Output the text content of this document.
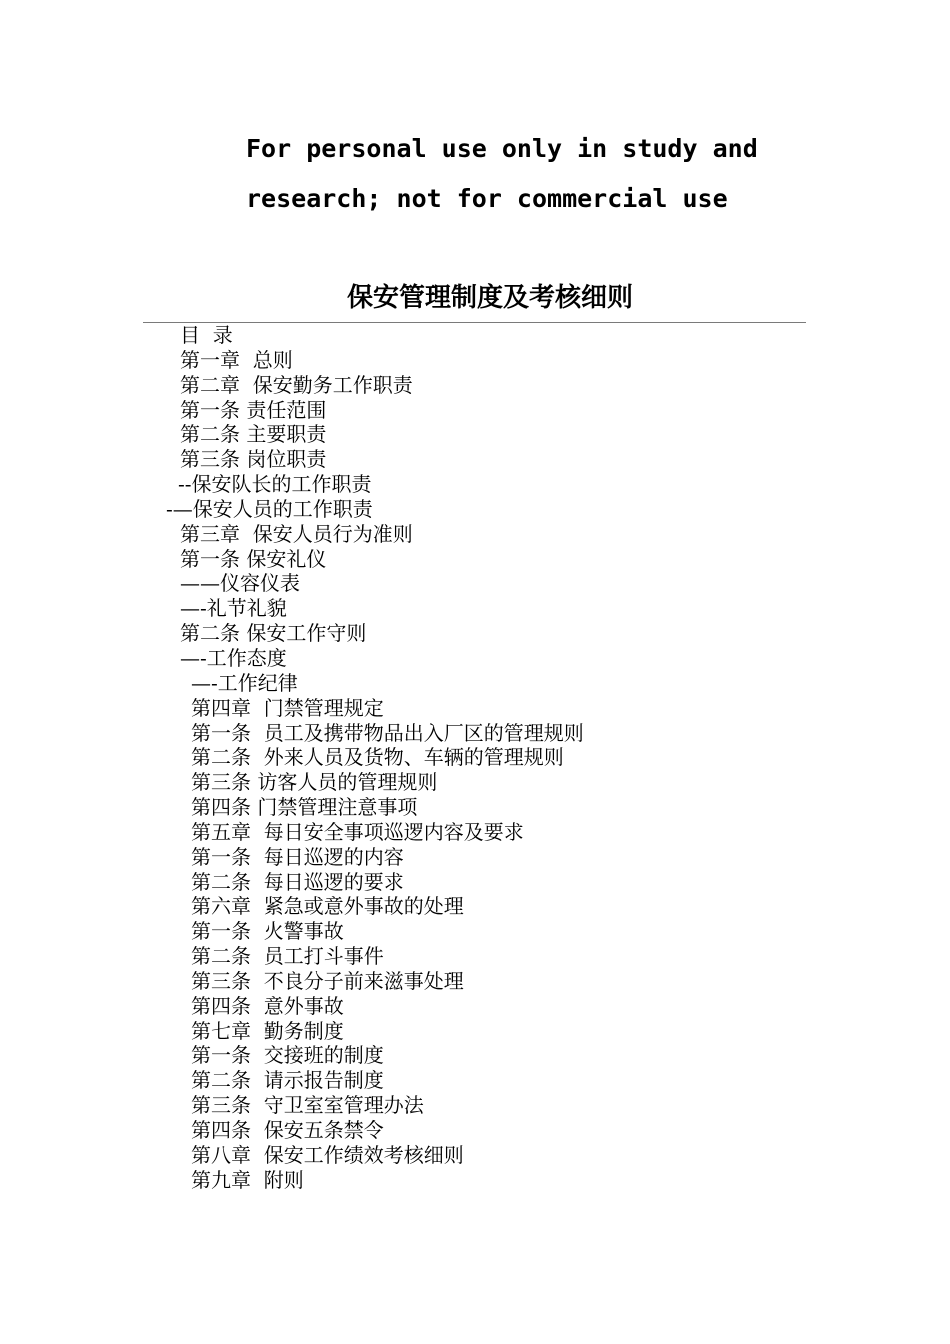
For personal use only in study and

research; not for commercial use

保安管理制度及考核细则
目  录
第一章  总则
第二章  保安勤务工作职责
第一条 责任范围
第二条 主要职责
第三条 岗位职责
--保安队长的工作职责
-—保安人员的工作职责
第三章  保安人员行为准则
第一条 保安礼仪
——仪容仪表
—-礼节礼貌
第二条 保安工作守则
—-工作态度
—-工作纪律
第四章  门禁管理规定
第一条  员工及携带物品出入厂区的管理规则
第二条  外来人员及货物、车辆的管理规则
第三条 访客人员的管理规则
第四条 门禁管理注意事项
第五章  每日安全事项巡逻内容及要求
第一条  每日巡逻的内容
第二条  每日巡逻的要求
第六章  紧急或意外事故的处理
第一条  火警事故
第二条  员工打斗事件
第三条  不良分子前来滋事处理
第四条  意外事故
第七章  勤务制度
第一条  交接班的制度
第二条  请示报告制度
第三条  守卫室室管理办法
第四条  保安五条禁令
第八章  保安工作绩效考核细则
第九章  附则
